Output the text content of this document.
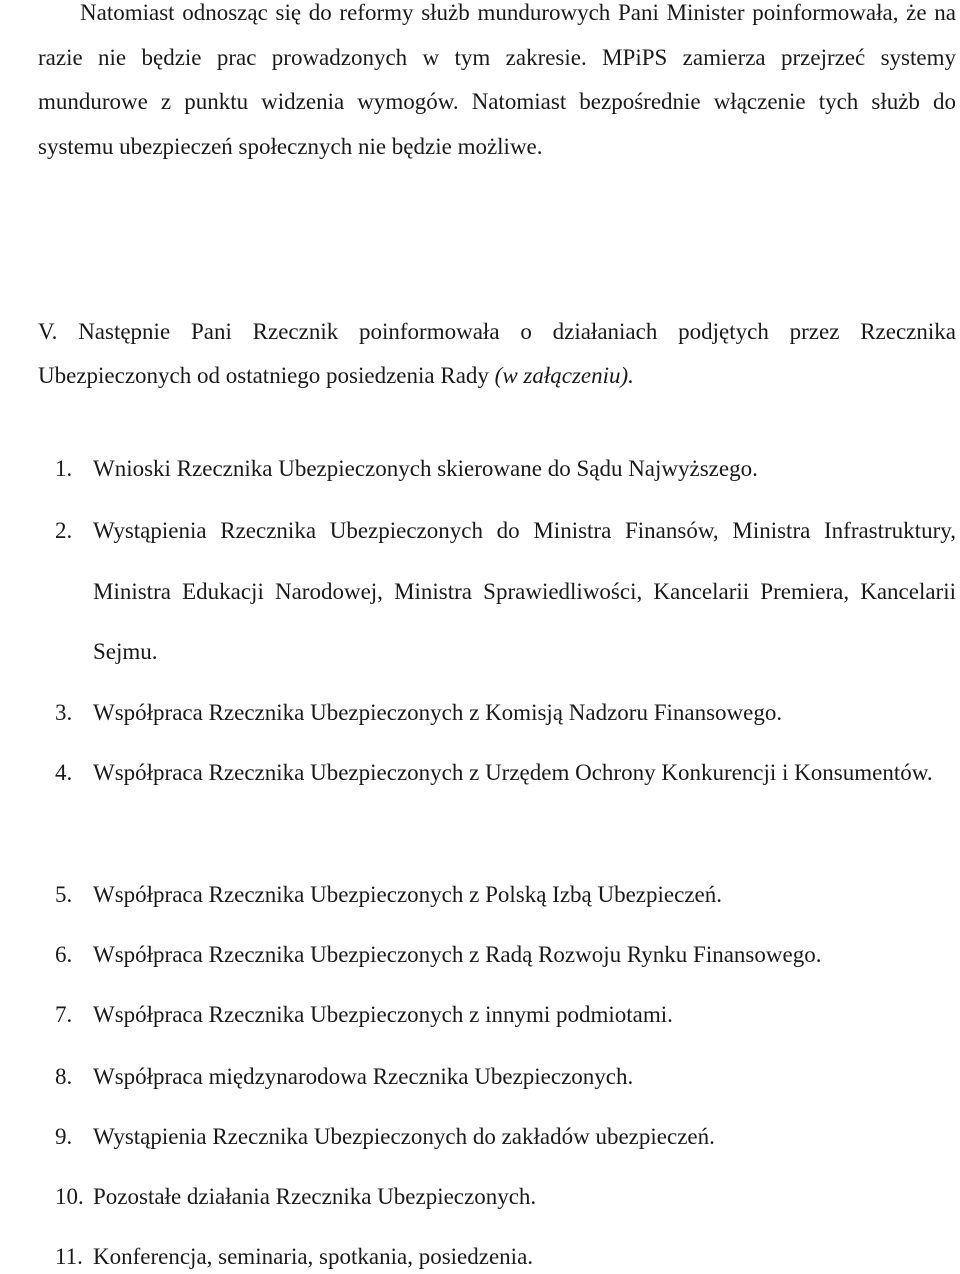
Natomiast odnosząc się do reformy służb mundurowych Pani Minister poinformowała, że na razie nie będzie prac prowadzonych w tym zakresie. MPiPS zamierza przejrzeć systemy mundurowe z punktu widzenia wymogów. Natomiast bezpośrednie włączenie tych służb do systemu ubezpieczeń społecznych nie będzie możliwe.

V. Następnie Pani Rzecznik poinformowała o działaniach podjętych przez Rzecznika Ubezpieczonych od ostatniego posiedzenia Rady (w załączeniu).

1. Wnioski Rzecznika Ubezpieczonych skierowane do Sądu Najwyższego.
2. Wystąpienia Rzecznika Ubezpieczonych do Ministra Finansów, Ministra Infrastruktury, Ministra Edukacji Narodowej, Ministra Sprawiedliwości, Kancelarii Premiera, Kancelarii Sejmu.
3. Współpraca Rzecznika Ubezpieczonych z Komisją Nadzoru Finansowego.
4. Współpraca Rzecznika Ubezpieczonych z Urzędem Ochrony Konkurencji i Konsumentów.
5. Współpraca Rzecznika Ubezpieczonych z Polską Izbą Ubezpieczeń.
6. Współpraca Rzecznika Ubezpieczonych z Radą Rozwoju Rynku Finansowego.
7. Współpraca Rzecznika Ubezpieczonych z innymi podmiotami.
8. Współpraca międzynarodowa Rzecznika Ubezpieczonych.
9. Wystąpienia Rzecznika Ubezpieczonych do zakładów ubezpieczeń.
10. Pozostałe działania Rzecznika Ubezpieczonych.
11. Konferencja, seminaria, spotkania, posiedzenia.
